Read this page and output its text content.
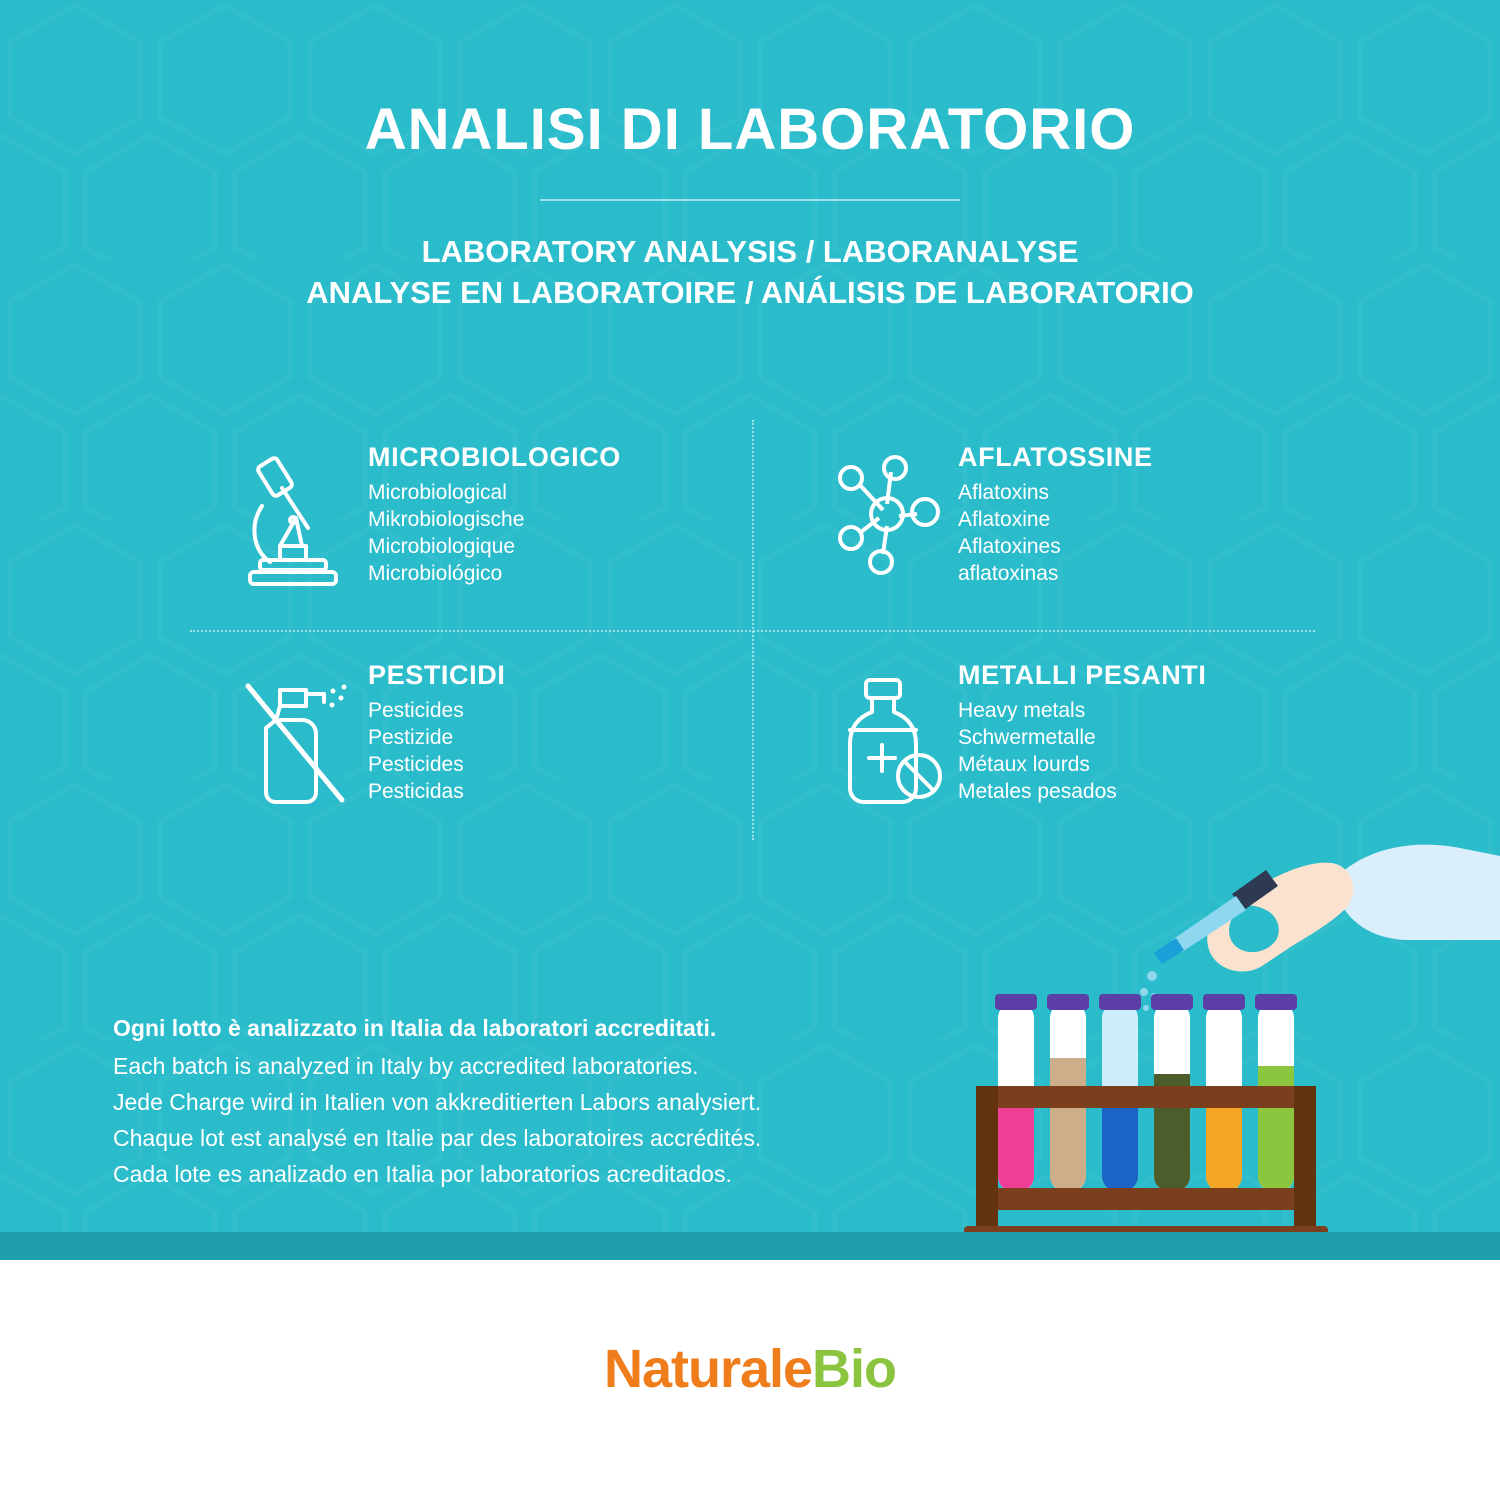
ANALISI DI LABORATORIO
LABORATORY ANALYSIS / LABORANALYSE
ANALYSE EN LABORATOIRE / ANÁLISIS DE LABORATORIO
MICROBIOLOGICO
Microbiological
Mikrobiologische
Microbiologique
Microbiológico
AFLATOSSINE
Aflatoxins
Aflatoxine
Aflatoxines
aflatoxinas
PESTICIDI
Pesticides
Pestizide
Pesticides
Pesticidas
METALLI PESANTI
Heavy metals
Schwermetalle
Métaux lourds
Metales pesados
Ogni lotto è analizzato in Italia da laboratori accreditati.
Each batch is analyzed in Italy by accredited laboratories.
Jede Charge wird in Italien von akkreditierten Labors analysiert.
Chaque lot est analysé en Italie par des laboratoires accrédités.
Cada lote es analizado en Italia por laboratorios acreditados.
NaturaleBio
